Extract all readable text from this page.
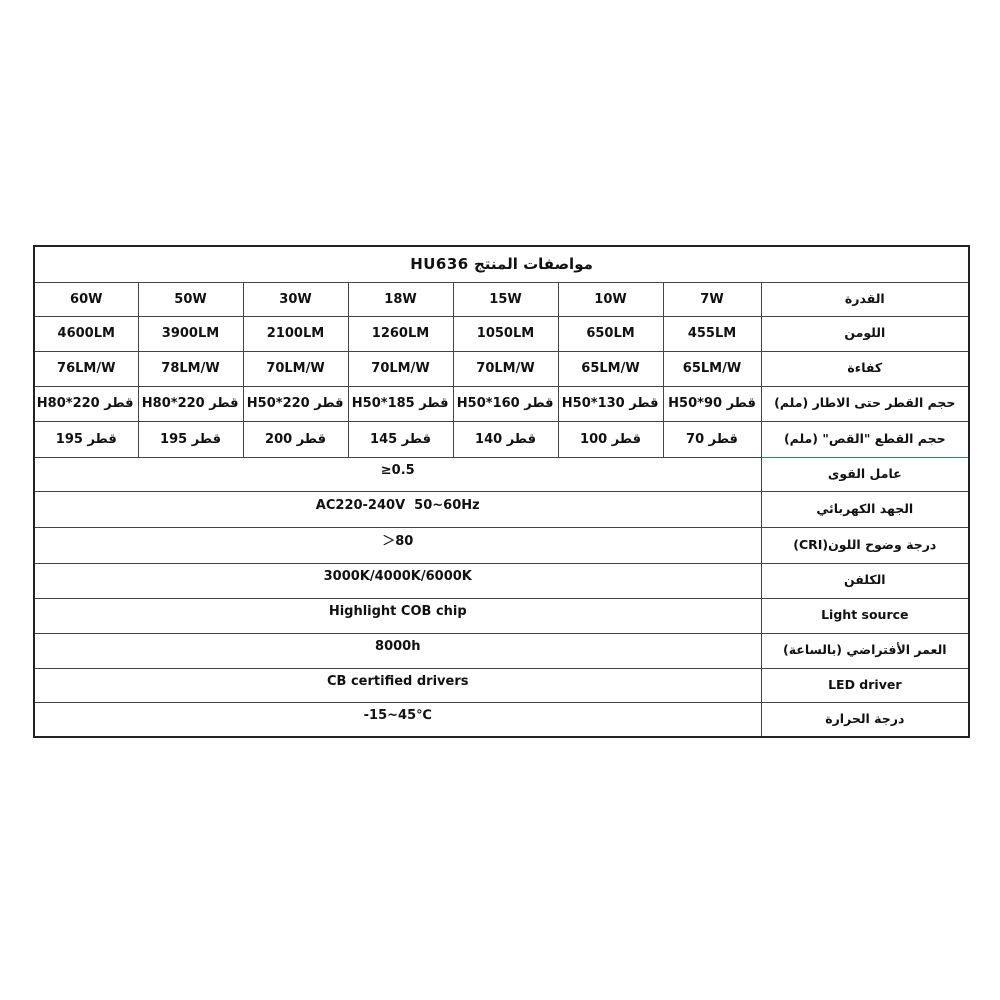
مواصفات المنتج HU636							
60W	50W	30W	18W	15W	10W	7W	القدرة
4600LM	3900LM	2100LM	1260LM	1050LM	650LM	455LM	اللومن
76LM/W	78LM/W	70LM/W	70LM/W	70LM/W	65LM/W	65LM/W	كفاءة
قطر 220*H80	قطر 220*H80	قطر 220*H50	قطر 185*H50	قطر 160*H50	قطر 130*H50	قطر 90*H50	حجم القطر حتى الاطار (ملم)
قطر 195	قطر 195	قطر 200	قطر 145	قطر 140	قطر 100	قطر 70	حجم القطع "القص" (ملم)
≥0.5							عامل القوى
AC220-240V  50~60Hz							الجهد الكهربائي
＞80							درجة وضوح اللون(CRI)
3000K/4000K/6000K							الكلفن
Highlight COB chip							Light source
8000h							العمر الأفتراضي (بالساعة)
CB certified drivers							LED driver
-15~45℃							درجة الحرارة
